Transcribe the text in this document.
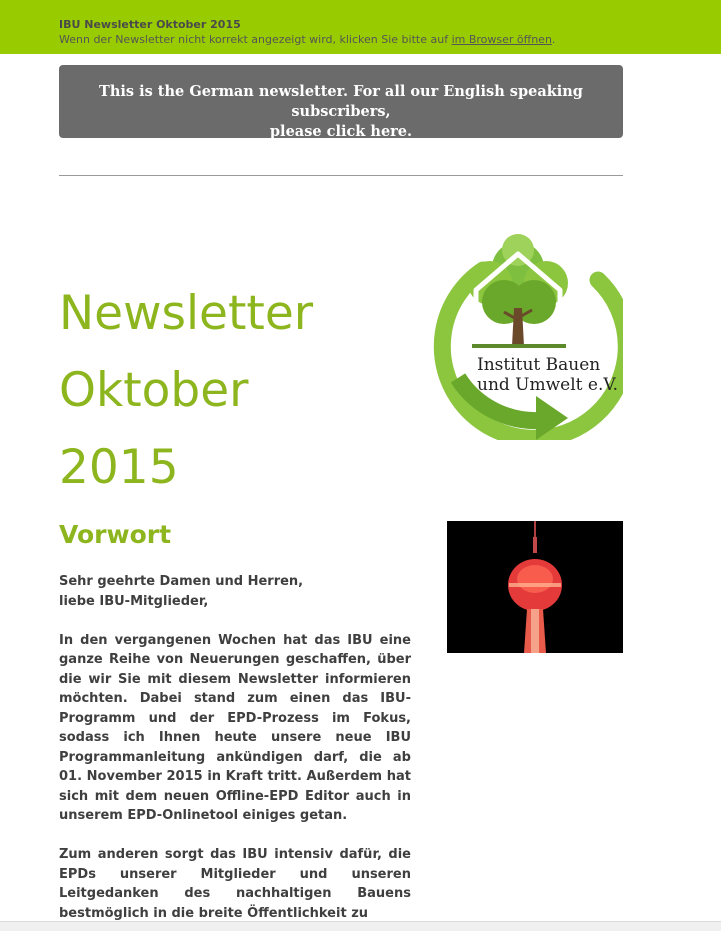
IBU Newsletter Oktober 2015
Wenn der Newsletter nicht korrekt angezeigt wird, klicken Sie bitte auf im Browser öffnen.
This is the German newsletter. For all our English speaking subscribers,
please click here.
Newsletter
Oktober
2015
Institut Bauen
und Umwelt e.V.
Vorwort

Sehr geehrte Damen und Herren,
liebe IBU-Mitglieder,

In den vergangenen Wochen hat das IBU eine ganze Reihe von Neuerungen geschaffen, über die wir Sie mit diesem Newsletter informieren möchten. Dabei stand zum einen das IBU-Programm und der EPD-Prozess im Fokus, sodass ich Ihnen heute unsere neue IBU Programmanleitung ankündigen darf, die ab 01. November 2015 in Kraft tritt. Außerdem hat sich mit dem neuen Offline-EPD Editor auch in unserem EPD-Onlinetool einiges getan.

Zum anderen sorgt das IBU intensiv dafür, die EPDs unserer Mitglieder und unseren Leitgedanken des nachhaltigen Bauens bestmöglich in die breite Öffentlichkeit zu
